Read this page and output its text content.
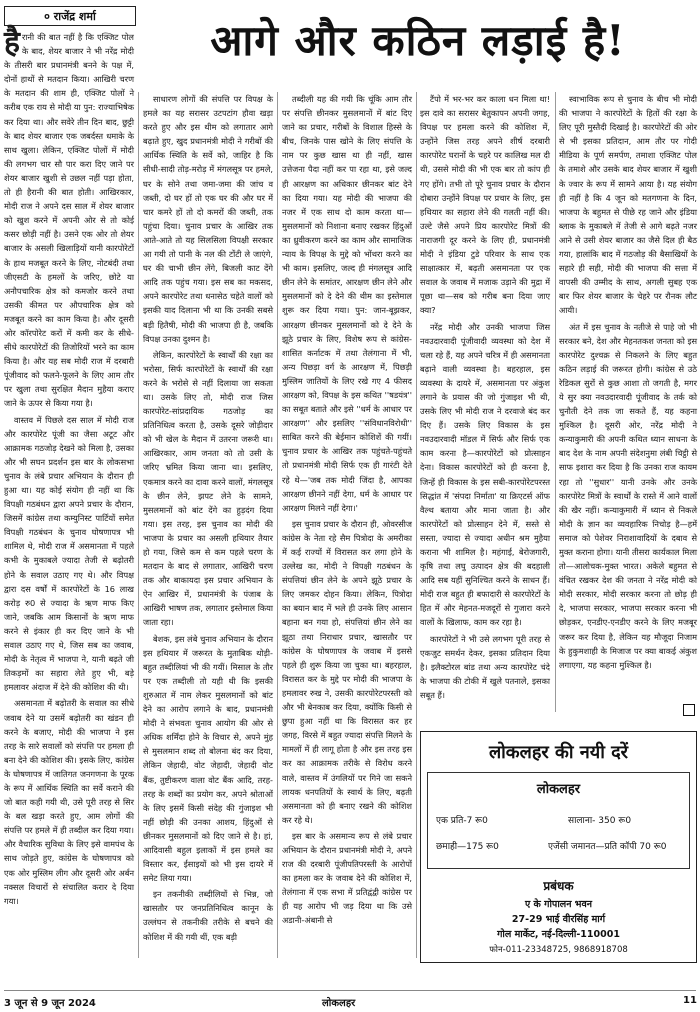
० राजेंद्र शर्मा	आगे और कठिन लड़ाई है!

हैरानी की बात नहीं है कि एक्जिट पोल के बाद, शेयर बाजार ने भी नरेंद्र मोदी के तीसरी बार प्रधानमंत्री बनने के पक्ष में, दोनों हाथों से मतदान किया। आखिरी चरण के मतदान की शाम ही, एक्जिट पोलों ने करीब एक राय से मोदी या पुन: राज्याभिषेक कर दिया था। और सवेरे तीन दिन बाद, छुट्टी के बाद शेयर बाजार एक जबर्दस्त धमाके के साथ खुला। लेकिन, एक्जिट पोलों में मोदी की लगभग चार सौ पार करा दिए जाने पर शेयर बाजार खुशी से उछल नहीं पड़ा होता, तो ही हैरानी की बात होती। आखिरकार, मोदी राज ने अपने दस साल में शेयर बाजार को खुश करने में अपनी ओर से तो कोई कसर छोड़ी नहीं है। उसने एक ओर तो शेयर बाजार के असली खिलाड़ियों यानी कारपोरेटों के हाथ मजबूत करने के लिए, नोटबंदी तथा जीएसटी के हमलों के जरिए, छोटे या अनौपचारिक क्षेत्र को कमजोर करने तथा उसकी कीमत पर औपचारिक क्षेत्र को मजबूत करने का काम किया है। और दूसरी ओर कॉरपोरेट करों में कमी कर के सीधे-सीधे कारपोरेटों की तिजोरियों भरने का काम किया है। और यह सब मोदी राज में दरबारी पूंजीवाद को फलने-फूलने के लिए आम तौर पर खुला तथा सुरक्षित मैदान मुहैया कराए जाने के ऊपर से किया गया है।

वास्तव में पिछले दस साल में मोदी राज और कारपोरेट पूंजी का जैसा अटूट और आक्रामक गठजोड़ देखने को मिला है, उसका और भी सघन प्रदर्शन इस बार के लोकसभा चुनाव के लंबे प्रचार अभियान के दौरान ही हुआ था। यह कोई संयोग ही नहीं था कि विपक्षी गठबंधन द्वारा अपने प्रचार के दौरान, जिसमें कांग्रेस तथा कम्युनिस्ट पार्टियों समेत विपक्षी गठबंधन के चुनाव घोषणापत्र भी शामिल थे, मोदी राज में असमानता में पहले कभी के मुकाबले ज्यादा तेजी से बढ़ोतरी होने के सवाल उठाए गए थे। और विपक्ष द्वारा दस वर्षों में कारपोरेटों के 16 लाख करोड़ रु0 से ज्यादा के ऋण माफ किए जाने, जबकि आम किसानों के ऋण माफ करने से इंकार ही कर दिए जाने के भी सवाल उठाए गए थे, जिस सब का जवाब, मोदी के नेतृत्व में भाजपा ने, यानी बढ़ते जी तिकड़मों का सहारा लेते हुए भी, बड़े हमलावर अंदाज में देने की कोशिश की थी।

असमानता में बढ़ोतरी के सवाल का सीधे जवाब देने या उसमें बढ़ोतरी का खंडन ही करने के बजाए, मोदी की भाजपा ने इस तरह के सारे सवालों को संपत्ति पर हमला ही बना देने की कोशिश की। इसके लिए, कांग्रेस के घोषणापत्र में जातिगत जनगणना के पूरक के रूप में आर्थिक स्थिति का सर्वे कराने की जो बात कही गयी थी, उसे पूरी तरह से सिर के बल खड़ा करते हुए, आम लोगों की संपत्ति पर हमले में ही तब्दील कर दिया गया। और वैचारिक सुविधा के लिए इसे वामपंथ के साथ जोड़ते हुए, कांग्रेस के घोषणापत्र को एक ओर मुस्लिम लीग और दूसरी ओर अर्बन नक्सल विचारों से संचालित करार दे दिया गया।

साधारण लोगों की संपत्ति पर विपक्ष के हमले का यह सरासर उटपटांग हौवा खड़ा करते हुए और इस थीम को लगातार आगे बढ़ाते हुए, खुद प्रधानमंत्री मोदी ने गरीबों की आर्थिक स्थिति के सर्वे को, जाहिर है कि सीधी-सादी तोड़-मरोड़ में मंगलसूत्र पर हमले, घर के सोने तथा जमा-जमा की जांच व जब्ती, दो घर हों तो एक घर की और घर में चार कमरे हों तो दो कमरों की जब्ती, तक पहुंचा दिया। चुनाव प्रचार के आखिर तक आते-आते तो यह सिलसिला विपक्षी सरकार आ गयी तो पानी के नल की टोंटी ले जाएंगे, घर की चाभी छीन लेंगे, बिजली काट देंगे आदि तक पहुंच गया। इस सब का मकसद, अपने कारपोरेट तथा धनासेठ चहेते वालों को इसकी याद दिलाना भी था कि उनकी सबसे बड़ी हितैषी, मोदी की भाजपा ही है, जबकि विपक्ष उनका दुश्मन है।

लेकिन, कारपोरेटों के स्वार्थों की रक्षा का भरोसा, सिर्फ कारपोरेटों के स्वार्थों की रक्षा करने के भरोसे से नहीं दिलाया जा सकता था। उसके लिए तो, मोदी राज जिस कारपोरेट-सांप्रदायिक गठजोड़ का प्रतिनिधित्व करता है, उसके दूसरे जोड़ीदार को भी खेल के मैदान में उतरना जरूरी था। आखिरकार, आम जनता को तो उसी के जरिए भ्रमित किया जाना था। इसलिए, एकमात्र करने का दावा करने वालों, मंगलसूत्र के छीन लेने, झपट लेने के सामने, मुसलमानों को बांट देंगे का हुड़दंग दिया गया। इस तरह, इस चुनाव का मोदी की भाजपा के प्रचार का असली हथियार तैयार हो गया, जिसे कम से कम पहले चरण के मतदान के बाद से लगातार, आखिरी चरण तक और बाकायदा इस प्रचार अभियान के ऐन आखिर में, प्रधानमंत्री के पंजाब के आखिरी भाषण तक, लगातार इस्तेमाल किया जाता रहा।

बेशक, इस लंबे चुनाव अभियान के दौरान इस हथियार में जरूरत के मुताबिक थोड़ी-बहुत तब्दीलियां भी की गयीं। मिसाल के तौर पर एक तब्दीली तो यही थी कि इसकी शुरुआत में नाम लेकर मुसलमानों को बांट देने का आरोप लगाने के बाद, प्रधानमंत्री मोदी ने संभवतः चुनाव आयोग की ओर से अधिक शर्मिंदा होने के विचार से, अपने मुंह से मुसलमान शब्द तो बोलना बंद कर दिया, लेकिन जेहादी, वोट जेहादी, जेहादी वोट बैंक, तुष्टीकरण वाला वोट बैंक आदि, तरह-तरह के शब्दों का प्रयोग कर, अपने श्रोताओं के लिए इसमें किसी संदेह की गुंजाइश भी नहीं छोड़ी की उनका आशय, हिंदुओं से छीनकर मुसलमानों को दिए जाने से है। हां, आदिवासी बहुल इलाकों में इस हमले का विस्तार कर, ईसाइयों को भी इस दायरे में समेट लिया गया।

इन तकनीकी तब्दीलियों से भिन्न, जो खासतौर पर जनप्रतिनिधित्व कानून के उल्लंघन से तकनीकी तरीके से बचने की कोशिश में की गयी थीं, एक बड़ी

तब्दीली यह की गयी कि चूंकि आम तौर पर संपत्ति छीनकर मुसलमानों में बांट दिए जाने का प्रचार, गरीबों के विशाल हिस्से के बीच, जिनके पास खोने के लिए संपत्ति के नाम पर कुछ खास था ही नहीं, खास उत्तेजना पैदा नहीं कर पा रहा था, इसे जल्द ही आरक्षण का अधिकार छीनकर बांट देने का दिया गया। यह मोदी की भाजपा की नजर में एक साथ दो काम करता था—मुसलमानों को निशाना बनाए रखकर हिंदुओं का ध्रुवीकरण करने का काम और सामाजिक न्याय के विपक्ष के मुद्दे को भोंथरा करने का भी काम। इसलिए, जल्द ही मंगलसूत्र आदि छीन लेने के समांतर, आरक्षण छीन लेने और मुसलमानों को दे देने की थीम का इस्तेमाल शुरू कर दिया गया। पुन: जान-बूझकर, आरक्षण छीनकर मुसलमानों को दे देने के झूठे प्रचार के लिए, विशेष रूप से कांग्रेस-शासित कर्नाटक में तथा तेलंगाना में भी, अन्य पिछड़ा वर्ग के आरक्षण में, पिछड़ी मुस्लिम जातियों के लिए रखे गए 4 फीसद आरक्षण को, विपक्ष के इस कथित ''षडयंत्र'' का सबूत बताते और इसे ''धर्म के आधार पर आरक्षण'' और इसलिए ''संविधानविरोधी'' साबित करने की बेईमान कोशिशें की गयीं। चुनाव प्रचार के आखिर तक पहुंचते-पहुंचते तो प्रधानमंत्री मोदी सिर्फ एक ही गारंटी देते रहे थे—'जब तक मोदी जिंदा है, आपका आरक्षण छीनने नहीं देगा, धर्म के आधार पर आरक्षण मिलने नहीं देगा।'

इस चुनाव प्रचार के दौरान ही, ओवरसीज कांग्रेस के नेता रहे सैम पित्रोदा के अमरीका में कई राज्यों में विरासत कर लगा होने के उल्लेख का, मोदी ने विपक्षी गठबंधन के संपत्तियां छीन लेने के अपने झूठे प्रचार के लिए जमकर दोहन किया। लेकिन, पित्रोदा का बयान बाद में भले ही उनके लिए आसान बहाना बन गया हो, संपत्तियां छीन लेने का झूठा तथा निराधार प्रचार, खासतौर पर कांग्रेस के घोषणापत्र के जवाब में इससे पहले ही शुरू किया जा चुका था। बहरहाल, विरासत कर के मुद्दे पर मोदी की भाजपा के हमलावर रुख ने, उसकी कारपोरेटपरस्ती को और भी बेनकाब कर दिया, क्योंकि किसी से छुपा हुआ नहीं था कि विरासत कर हर जगह, विरसे में बहुत ज्यादा संपत्ति मिलने के मामलों में ही लागू होता है और इस तरह इस कर का आक्रामक तरीके से विरोध करने वाले, वास्तव में उंगलियों पर गिने जा सकने लायक धनपतियों के स्वार्थ के लिए, बढ़ती असमानता को ही बनाए रखने की कोशिश कर रहे थे।

इस बार के असमान्य रूप से लंबे प्रचार अभियान के दौरान प्रधानमंत्री मोदी ने, अपने राज की दरबारी पूंजीपतिपरस्ती के आरोपों का हमला कर के जवाब देने की कोशिश में, तेलंगाना में एक सभा में प्रतिद्वंद्वी कांग्रेस पर ही यह आरोप भी जड़ दिया था कि उसे अडानी-अंबानी से

टैंपो में भर-भर कर काला धन मिला था! इस दावे का सरासर बेतुकापन अपनी जगह, विपक्ष पर हमला करने की कोशिश में, उन्होंने जिस तरह अपने शीर्ष दरबारी कारपोरेट घरानों के चहरे पर कालिख मल दी थी, उससे मोदी की भी एक बार तो कांप ही गए होंगे। तभी तो पूरे चुनाव प्रचार के दौरान दोबारा उन्होंने विपक्ष पर प्रचार के लिए, इस हथियार का सहारा लेने की गलती नहीं की। उल्टे जैसे अपने प्रिय कारपोरेट मित्रों की नाराजगी दूर करने के लिए ही, प्रधानमंत्री मोदी ने इंडिया टुडे परिवार के साथ एक साक्षात्कार में, बढ़ती असमानता पर एक सवाल के जवाब में मजाक उड़ाने की मुद्रा में पूछा था—सब को गरीब बना दिया जाए क्या?

नरेंद्र मोदी और उनकी भाजपा जिस नवउदारवादी पूंजीवादी व्यवस्था को देश में चला रहे हैं, यह अपने चरित्र में ही असमानता बढ़ाने वाली व्यवस्था है। बहरहाल, इस व्यवस्था के दायरे में, असमानता पर अंकुश लगाने के प्रयास की जो गुंजाइश भी थी, उसके लिए भी मोदी राज ने दरवाजे बंद कर दिए हैं। उसके लिए विकास के इस नवउदारवादी मॉडल में सिर्फ और सिर्फ एक काम करना है—कारपोरेटों को प्रोत्साहन देना। विकास कारपोरेटों को ही करना है, जिन्हें ही विकास के इस सबी-कारपोरेटपरस्त सिद्धांत में 'संपदा निर्माता' या क्रिएटर्स ऑफ वैल्थ बताया और माना जाता है। और कारपोरेटों को प्रोत्साहन देने में, सस्ते से सस्ता, ज्यादा से ज्यादा अधीन श्रम मुहैया कराना भी शामिल है। महंगाई, बेरोजगारी, कृषि तथा लघु उत्पादन क्षेत्र की बदहाली आदि सब यहीं सुनिश्चित करने के साधन हैं। मोदी राज बहुत ही बफादारी से कारपोरेटों के हित में और मेहनत-मजदूरों से गुजारा करने वालों के खिलाफ, काम कर रहा है।

कारपोरेटों ने भी उसे लगभग पूरी तरह से एकजुट समर्थन देकर, इसका प्रतिदान दिया है। इलैक्टोरल बांड तथा अन्य कारपोरेट चंदे के भाजपा की टोकी में खुले पतनाले, इसका सबूत हैं।

स्वाभाविक रूप से चुनाव के बीच भी मोदी की भाजपा ने कारपोरेटों के हितों की रक्षा के लिए पूरी मुस्तैदी दिखाई है। कारपोरेटों की ओर से भी इसका प्रतिदान, आम तौर पर गोदी मीडिया के पूर्ण समर्पण, तमाशा एक्जिट पोल के तमाशे और उसके बाद शेयर बाजार में खुशी के ज्वार के रूप में सामने आया है। यह संयोग ही नहीं है कि 4 जून को मतगणना के दिन, भाजपा के बहुमत से पीछे रह जाने और इंडिया ब्लाक के मुकाबले में तेजी से आगे बढ़ते नजर आने से उसी शेयर बाजार का जैसे दिल ही बैठ गया, हालांकि बाद में गठजोड़ की बैसाखियों के सहारे ही सही, मोदी की भाजपा की सत्ता में वापसी की उम्मीद के साथ, अगली सुबह एक बार फिर शेयर बाजार के चेहरे पर रौनक लौट आयी।

अंत में इस चुनाव के नतीजे से पाहे जो भी सरकार बने, देश और मेहनतकश जनता को इस कारपोरेट दुश्चक्र से निकलने के लिए बहुत कठिन लड़ाई की जरूरत होगी। कांग्रेस से उठे रेडिकल सुरों से कुछ आशा तो जगती है, मगर ये सुर क्या नवउदारवादी पूंजीवाद के तर्क को चुनौती देने तक जा सकते हैं, यह कहना मुश्किल है। दूसरी ओर, नरेंद्र मोदी ने कन्याकुमारी की अपनी कथित ध्यान साधना के बाद देश के नाम अपनी संदेशनुमा लंबी चिट्ठी से साफ इशारा कर दिया है कि उनका राज कायम रहा तो ''सुधार'' यानी उनके और उनके कारपोरेट मित्रों के स्वार्थों के रास्ते में आने वालों की खैर नहीं। कन्याकुमारी में ध्यान से निकले मोदी के ज्ञान का व्यवहारिक निचोड़ है—हमें समाज को पेशेवर निराशावादियों के दबाव से मुक्त कराना होगा। यानी तीसरा कार्यकाल मिला तो—आलोचक-मुक्त भारत। अकेले बहुमत से वंचित रखकर देश की जनता ने नरेंद्र मोदी को मोदी सरकार, मोदी सरकार करना तो छोड़ ही दे, भाजपा सरकार, भाजपा सरकार करना भी छोड़कर, एनडीए-एनडीए करने के लिए मजबूर जरूर कर दिया है, लेकिन यह मौजूदा निजाम के हुकुमशाही के मिजाज पर क्या बाकई अंकुश लगाएगा, यह कहना मुश्किल है।

लोकलहर की नयी दरें
लोकलहर
एक प्रति-7 रू0	सालाना- 350 रू0
छमाही—175 रू0	एजेंसी जमानत—प्रति कॉपी 70 रू0
प्रबंधक
ए के गोपालन भवन
27-29 भाई वीरसिंह मार्ग
गोल मार्केट, नई-दिल्ली-110001
फोन-011-23348725, 9868918708
3 जून से 9 जून 2024	लोकलहर	11
